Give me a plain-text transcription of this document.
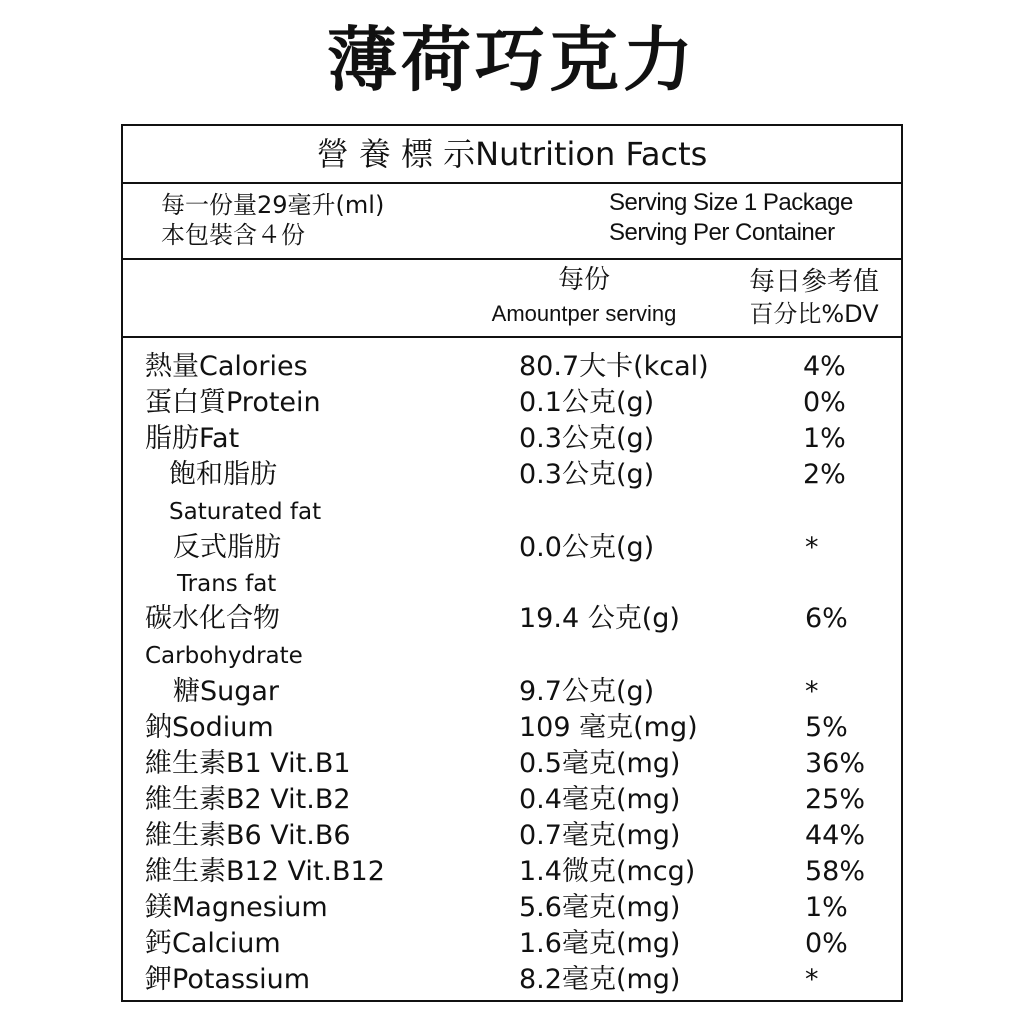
薄荷巧克力
營 養 標 示Nutrition Facts
每一份量29毫升(ml)
本包裝含４份
Serving Size 1 Package
Serving Per Container
每份
Amountper serving
每日參考值
百分比%DV
熱量Calories	80.7大卡(kcal)	4%
蛋白質Protein	0.1公克(g)	0%
脂肪Fat	0.3公克(g)	1%
飽和脂肪	0.3公克(g)	2%
Saturated fat
反式脂肪	0.0公克(g)	*
Trans fat
碳水化合物	19.4 公克(g)	6%
Carbohydrate
糖Sugar	9.7公克(g)	*
鈉Sodium	109 毫克(mg)	5%
維生素B1 Vit.B1	0.5毫克(mg)	36%
維生素B2 Vit.B2	0.4毫克(mg)	25%
維生素B6 Vit.B6	0.7毫克(mg)	44%
維生素B12 Vit.B12	1.4微克(mcg)	58%
鎂Magnesium	5.6毫克(mg)	1%
鈣Calcium	1.6毫克(mg)	0%
鉀Potassium	8.2毫克(mg)	*
